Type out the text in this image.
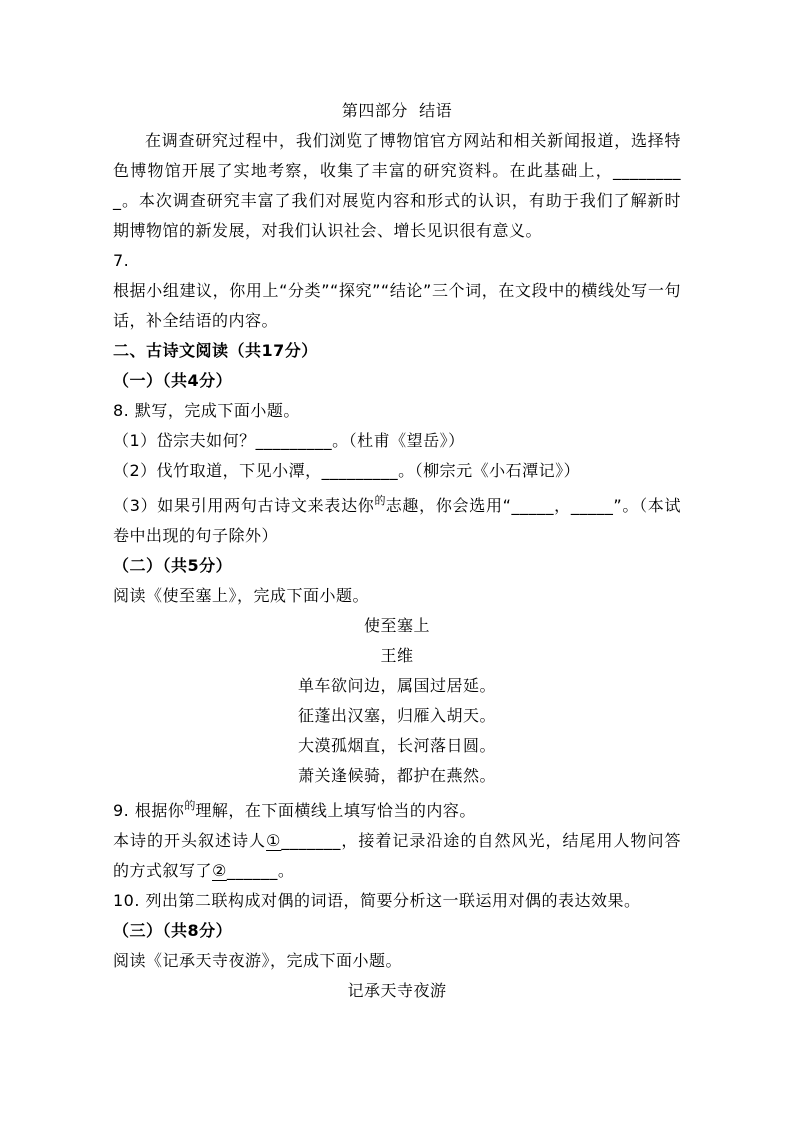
第四部分  结语

在调查研究过程中，我们浏览了博物馆官方网站和相关新闻报道，选择特色博物馆开展了实地考察，收集了丰富的研究资料。在此基础上，_________。本次调查研究丰富了我们对展览内容和形式的认识，有助于我们了解新时期博物馆的新发展，对我们认识社会、增长见识很有意义。

7.

根据小组建议，你用上“分类”“探究”“结论”三个词，在文段中的横线处写一句话，补全结语的内容。

二、古诗文阅读（共17分）

（一）（共4分）

8. 默写，完成下面小题。

（1）岱宗夫如何？_________。（杜甫《望岳》）

（2）伐竹取道，下见小潭，_________。（柳宗元《小石潭记》）

（3）如果引用两句古诗文来表达你$^的$志趣，你会选用“_____，_____”。（本试卷中出现的句子除外）

（二）（共5分）

阅读《使至塞上》，完成下面小题。

使至塞上

王维

单车欲问边，属国过居延。

征蓬出汉塞，归雁入胡天。

大漠孤烟直，长河落日圆。

萧关逢候骑，都护在燕然。

9. 根据你$^的$理解，在下面横线上填写恰当的内容。

本诗的开头叙述诗人①_______，接着记录沿途的自然风光，结尾用人物问答的方式叙写了②______。

10. 列出第二联构成对偶的词语，简要分析这一联运用对偶的表达效果。

（三）（共8分）

阅读《记承天寺夜游》，完成下面小题。

记承天寺夜游
